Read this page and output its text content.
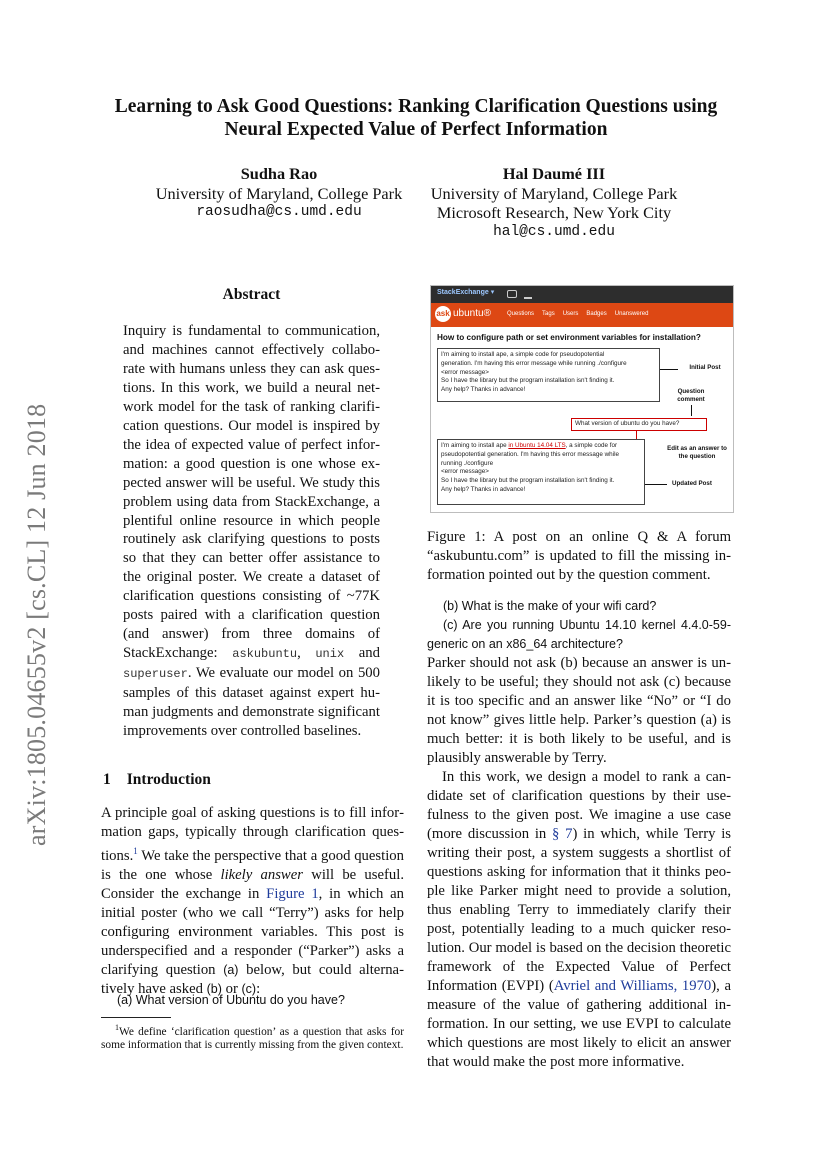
Learning to Ask Good Questions: Ranking Clarification Questions using
Neural Expected Value of Perfect Information
Sudha Rao
University of Maryland, College Park
raosudha@cs.umd.edu
Hal Daumé III
University of Maryland, College Park
Microsoft Research, New York City
hal@cs.umd.edu
arXiv:1805.04655v2 [cs.CL] 12 Jun 2018
Abstract
Inquiry is fundamental to communication, and machines cannot effectively collaborate with humans unless they can ask questions. In this work, we build a neural network model for the task of ranking clarification questions. Our model is inspired by the idea of expected value of perfect information: a good question is one whose expected answer will be useful. We study this problem using data from StackExchange, a plentiful online resource in which people routinely ask clarifying questions to posts so that they can better offer assistance to the original poster. We create a dataset of clarification questions consisting of ~77K posts paired with a clarification question (and answer) from three domains of StackExchange: askubuntu, unix and superuser. We evaluate our model on 500 samples of this dataset against expert human judgments and demonstrate significant improvements over controlled baselines.
1 Introduction
A principle goal of asking questions is to fill information gaps, typically through clarification questions.$^1$ We take the perspective that a good question is the one whose likely answer will be useful. Consider the exchange in Figure 1, in which an initial poster (who we call “Terry”) asks for help configuring environment variables. This post is underspecified and a responder (“Parker”) asks a clarifying question (a) below, but could alternatively have asked (b) or (c):
(a) What version of Ubuntu do you have?
$^1$We define ‘clarification question’ as a question that asks for some information that is currently missing from the given context.
StackExchange ▾
ask ubuntu®	Questions Tags Users Badges Unanswered
How to configure path or set environment variables for installation?
I'm aiming to install ape, a simple code for pseudopotential
generation. I'm having this error message while running ./configure
<error message>
So I have the library but the program installation isn't finding it.
Any help? Thanks in advance!
Initial Post
Question comment
What version of ubuntu do you have?
I'm aiming to install ape in Ubuntu 14.04 LTS, a simple code for
pseudopotential generation. I'm having this error message while
running ./configure
<error message>
So I have the library but the program installation isn't finding it.
Any help? Thanks in advance!
Edit as an answer to the question
Updated Post
Figure 1: A post on an online Q & A forum “askubuntu.com” is updated to fill the missing information pointed out by the question comment.
(b) What is the make of your wifi card?
(c) Are you running Ubuntu 14.10 kernel 4.4.0-59-generic on an x86_64 architecture?
Parker should not ask (b) because an answer is unlikely to be useful; they should not ask (c) because it is too specific and an answer like “No” or “I do not know” gives little help. Parker’s question (a) is much better: it is both likely to be useful, and is plausibly answerable by Terry.
In this work, we design a model to rank a candidate set of clarification questions by their usefulness to the given post. We imagine a use case (more discussion in § 7) in which, while Terry is writing their post, a system suggests a shortlist of questions asking for information that it thinks people like Parker might need to provide a solution, thus enabling Terry to immediately clarify their post, potentially leading to a much quicker resolution. Our model is based on the decision theoretic framework of the Expected Value of Perfect Information (EVPI) (Avriel and Williams, 1970), a measure of the value of gathering additional information. In our setting, we use EVPI to calculate which questions are most likely to elicit an answer that would make the post more informative.
